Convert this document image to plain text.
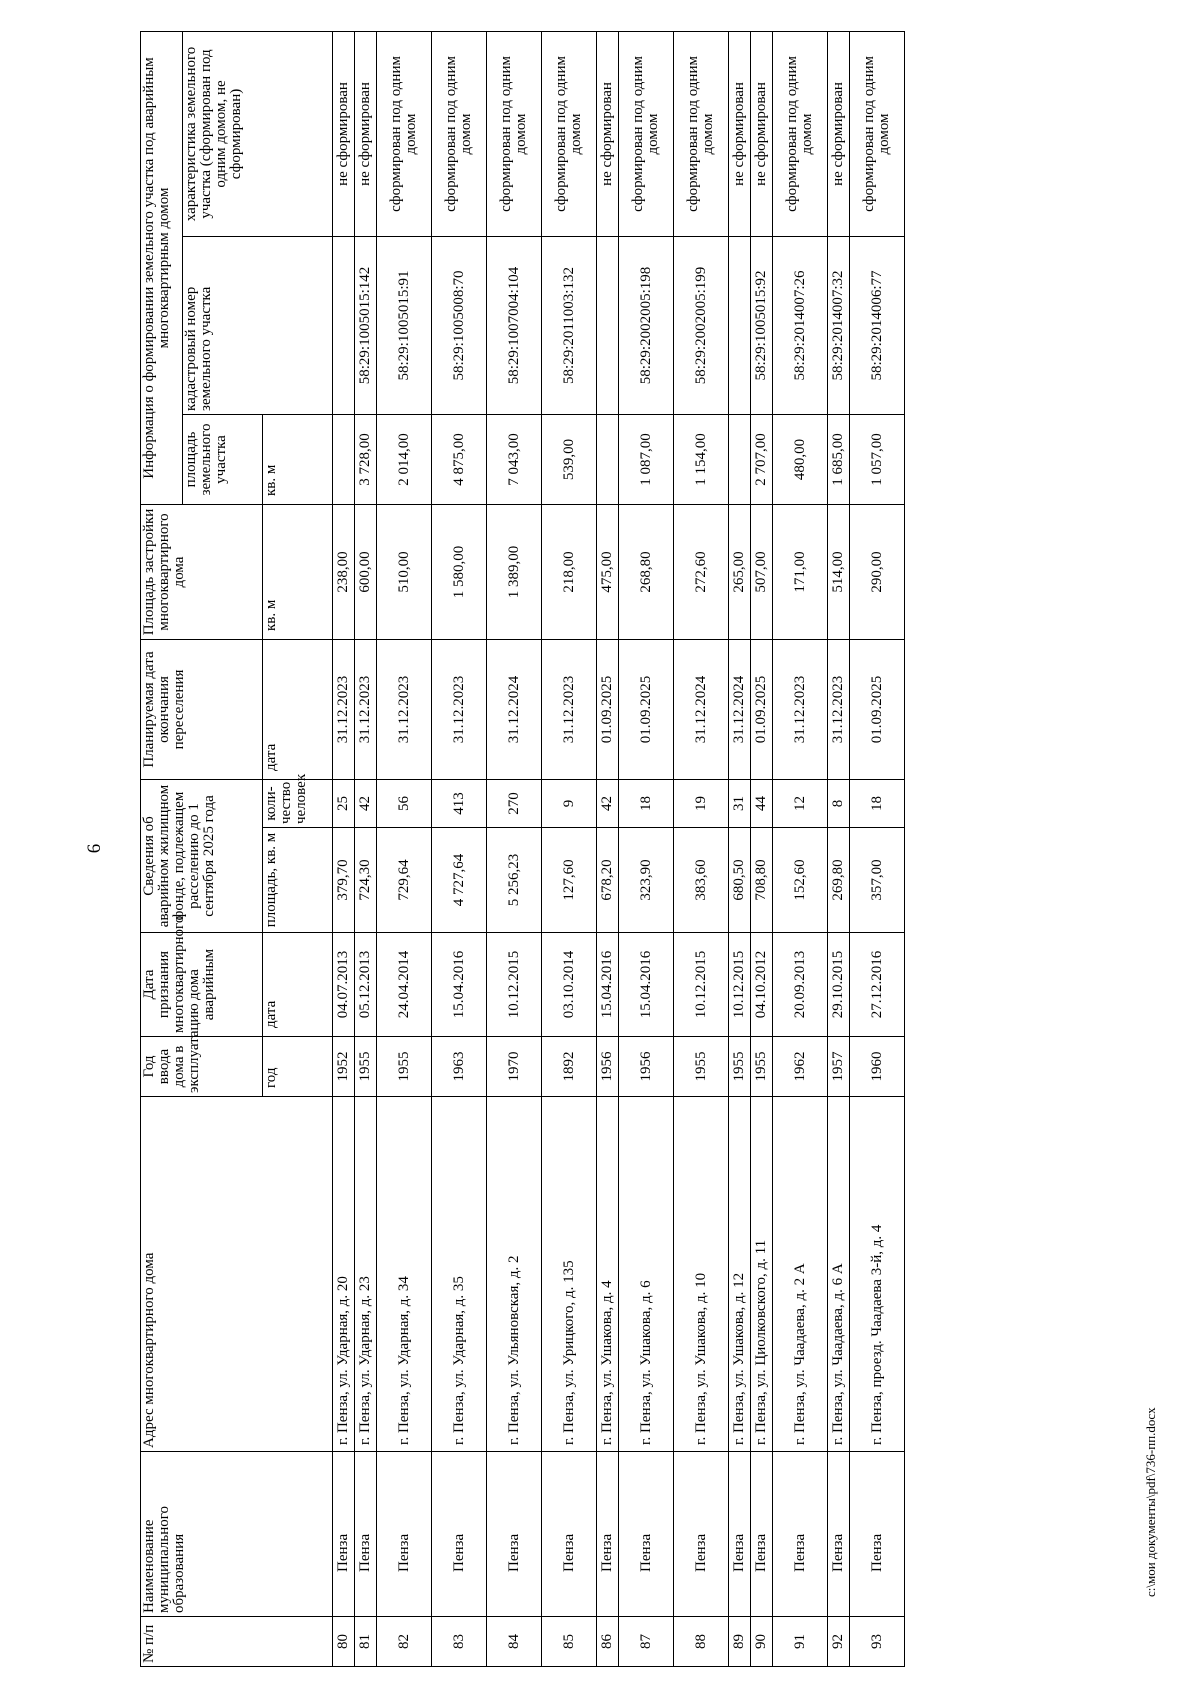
6
№ п/п	Наименование муниципального образования	Адрес многоквартирного дома	Год ввода дома в эксплуатацию	Дата признания многоквартирного дома аварийным	Сведения об аварийном жилищном фонде, подлежащем расселению до 1 сентября 2025 года		Планируемая дата окончания переселения	Площадь застройки многоквартирного дома	Информация о формировании земельного участка под аварийным многоквартирным домом		
									площадь земельного участка	кадастровый номер земельного участка	характеристика земельного участка (сформирован под одним домом, не сформирован)
			год	дата	площадь, кв. м	коли-чество человек	дата	кв. м	кв. м		
80	Пенза	г. Пенза, ул. Ударная, д. 20	1952	04.07.2013	379,70	25	31.12.2023	238,00			не сформирован
81	Пенза	г. Пенза, ул. Ударная, д. 23	1955	05.12.2013	724,30	42	31.12.2023	600,00	3 728,00	58:29:1005015:142	не сформирован
82	Пенза	г. Пенза, ул. Ударная, д. 34	1955	24.04.2014	729,64	56	31.12.2023	510,00	2 014,00	58:29:1005015:91	сформирован под одним домом
83	Пенза	г. Пенза, ул. Ударная, д. 35	1963	15.04.2016	4 727,64	413	31.12.2023	1 580,00	4 875,00	58:29:1005008:70	сформирован под одним домом
84	Пенза	г. Пенза, ул. Ульяновская, д. 2	1970	10.12.2015	5 256,23	270	31.12.2024	1 389,00	7 043,00	58:29:1007004:104	сформирован под одним домом
85	Пенза	г. Пенза, ул. Урицкого, д. 135	1892	03.10.2014	127,60	9	31.12.2023	218,00	539,00	58:29:2011003:132	сформирован под одним домом
86	Пенза	г. Пенза, ул. Ушакова, д. 4	1956	15.04.2016	678,20	42	01.09.2025	475,00			не сформирован
87	Пенза	г. Пенза, ул. Ушакова, д. 6	1956	15.04.2016	323,90	18	01.09.2025	268,80	1 087,00	58:29:2002005:198	сформирован под одним домом
88	Пенза	г. Пенза, ул. Ушакова, д. 10	1955	10.12.2015	383,60	19	31.12.2024	272,60	1 154,00	58:29:2002005:199	сформирован под одним домом
89	Пенза	г. Пенза, ул. Ушакова, д. 12	1955	10.12.2015	680,50	31	31.12.2024	265,00			не сформирован
90	Пенза	г. Пенза, ул. Циолковского, д. 11	1955	04.10.2012	708,80	44	01.09.2025	507,00	2 707,00	58:29:1005015:92	не сформирован
91	Пенза	г. Пенза, ул. Чаадаева, д. 2 А	1962	20.09.2013	152,60	12	31.12.2023	171,00	480,00	58:29:2014007:26	сформирован под одним домом
92	Пенза	г. Пенза, ул. Чаадаева, д. 6 А	1957	29.10.2015	269,80	8	31.12.2023	514,00	1 685,00	58:29:2014007:32	не сформирован
93	Пенза	г. Пенза, проезд. Чаадаева 3-й, д. 4	1960	27.12.2016	357,00	18	01.09.2025	290,00	1 057,00	58:29:2014006:77	сформирован под одним домом
c:\мои документы\pdf\736-пп.docx
